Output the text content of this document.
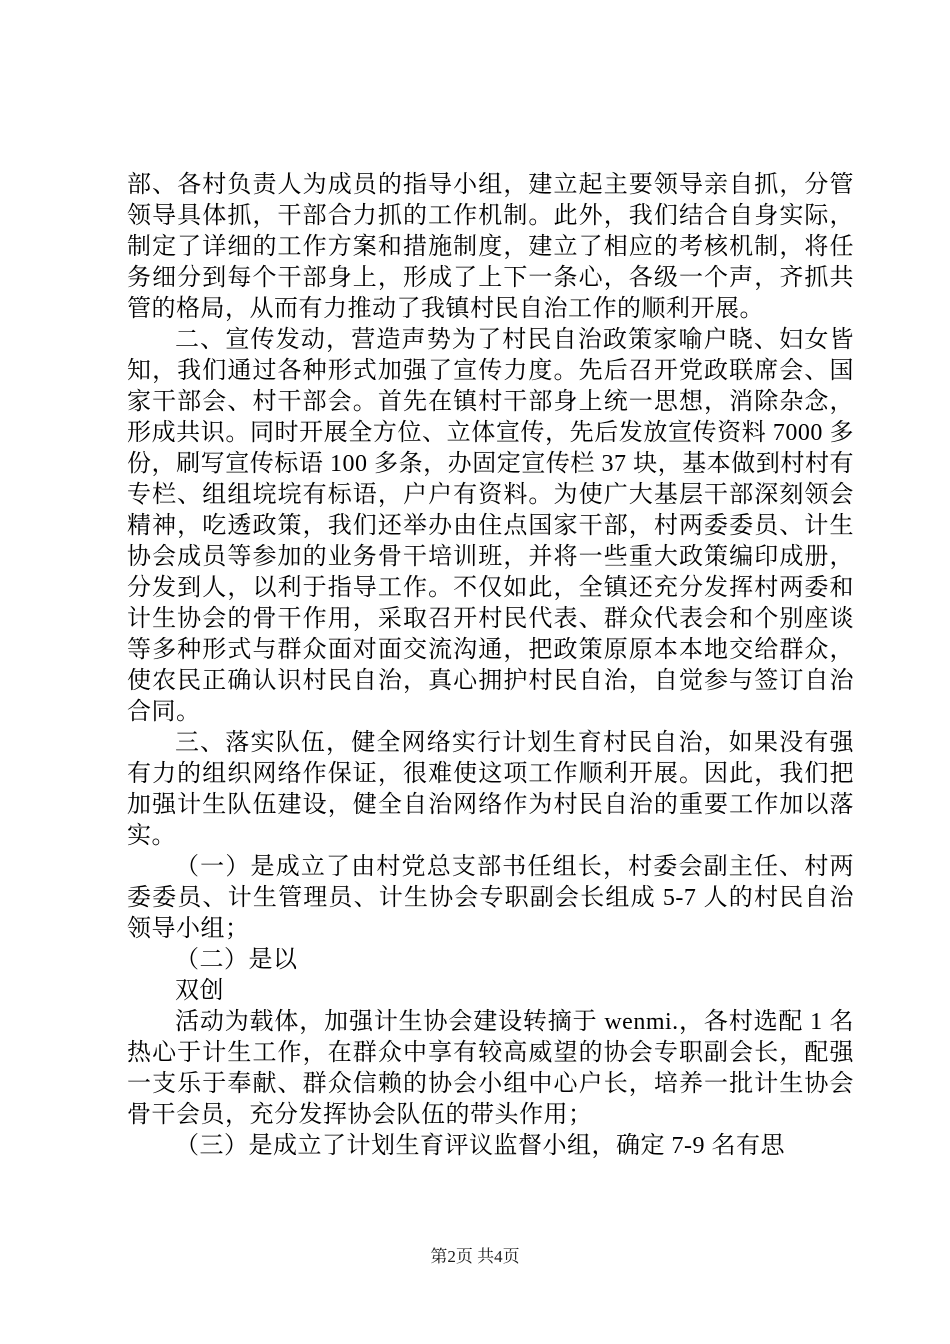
部、各村负责人为成员的指导小组，建立起主要领导亲自抓，分管领导具体抓，干部合力抓的工作机制。此外，我们结合自身实际，制定了详细的工作方案和措施制度，建立了相应的考核机制，将任务细分到每个干部身上，形成了上下一条心，各级一个声，齐抓共管的格局，从而有力推动了我镇村民自治工作的顺利开展。

二、宣传发动，营造声势为了村民自治政策家喻户晓、妇女皆知，我们通过各种形式加强了宣传力度。先后召开党政联席会、国家干部会、村干部会。首先在镇村干部身上统一思想，消除杂念，形成共识。同时开展全方位、立体宣传，先后发放宣传资料 7000 多份，刷写宣传标语 100 多条，办固定宣传栏 37 块，基本做到村村有专栏、组组垸垸有标语，户户有资料。为使广大基层干部深刻领会精神，吃透政策，我们还举办由住点国家干部，村两委委员、计生协会成员等参加的业务骨干培训班，并将一些重大政策编印成册，分发到人，以利于指导工作。不仅如此，全镇还充分发挥村两委和计生协会的骨干作用，采取召开村民代表、群众代表会和个别座谈等多种形式与群众面对面交流沟通，把政策原原本本地交给群众，使农民正确认识村民自治，真心拥护村民自治，自觉参与签订自治合同。

三、落实队伍，健全网络实行计划生育村民自治，如果没有强有力的组织网络作保证，很难使这项工作顺利开展。因此，我们把加强计生队伍建设，健全自治网络作为村民自治的重要工作加以落实。

（一）是成立了由村党总支部书任组长，村委会副主任、村两委委员、计生管理员、计生协会专职副会长组成 5-7 人的村民自治领导小组；

（二）是以

双创

活动为载体，加强计生协会建设转摘于 wenmi.，各村选配 1 名热心于计生工作，在群众中享有较高威望的协会专职副会长，配强一支乐于奉献、群众信赖的协会小组中心户长，培养一批计生协会骨干会员，充分发挥协会队伍的带头作用；

（三）是成立了计划生育评议监督小组，确定 7-9 名有思

第2页 共4页
